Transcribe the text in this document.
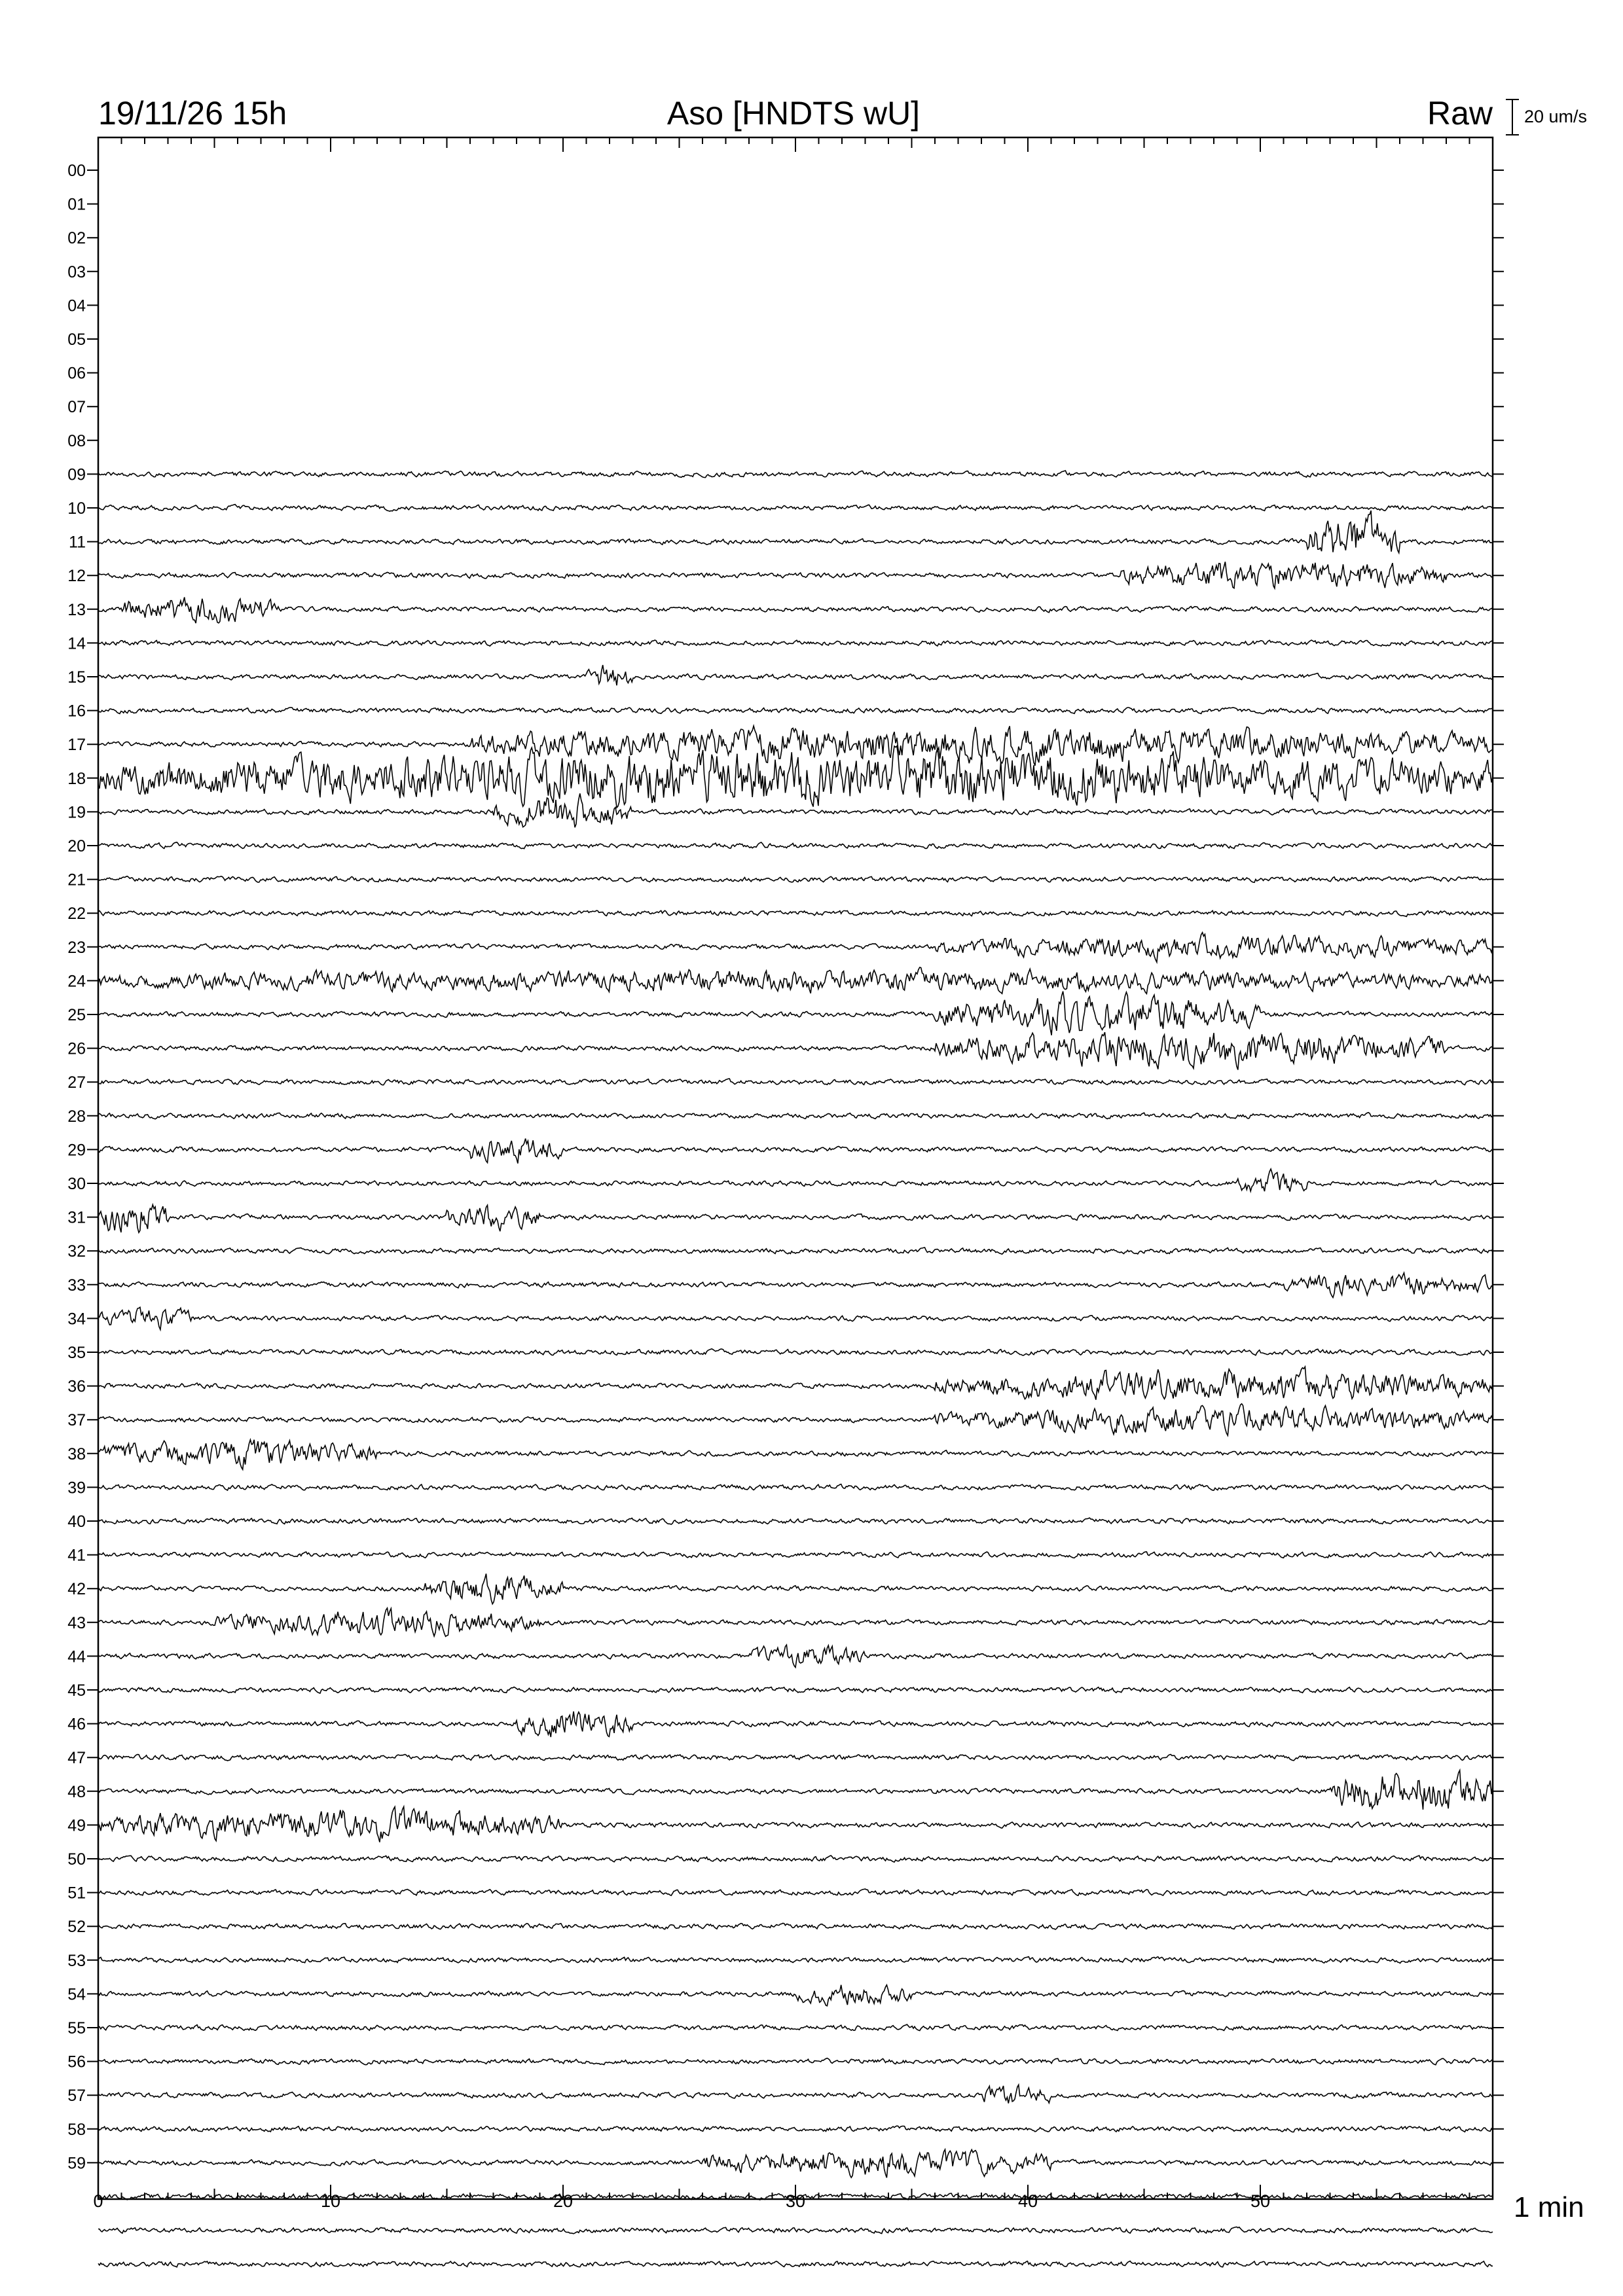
19/11/26 15h	Aso [HNDTS wU]	Raw 20 um/s
00
01
02
03
04
05
06
07
08
09
10
11
12
13
14
15
16
17
18
19
20
21
22
23
24
25
26
27
28
29
30
31
32
33
34
35
36
37
38
39
40
41
42
43
44
45
46
47
48
49
50
51
52
53
54
55
56
57
58
59
0	10	20	30	40	50	1 min
